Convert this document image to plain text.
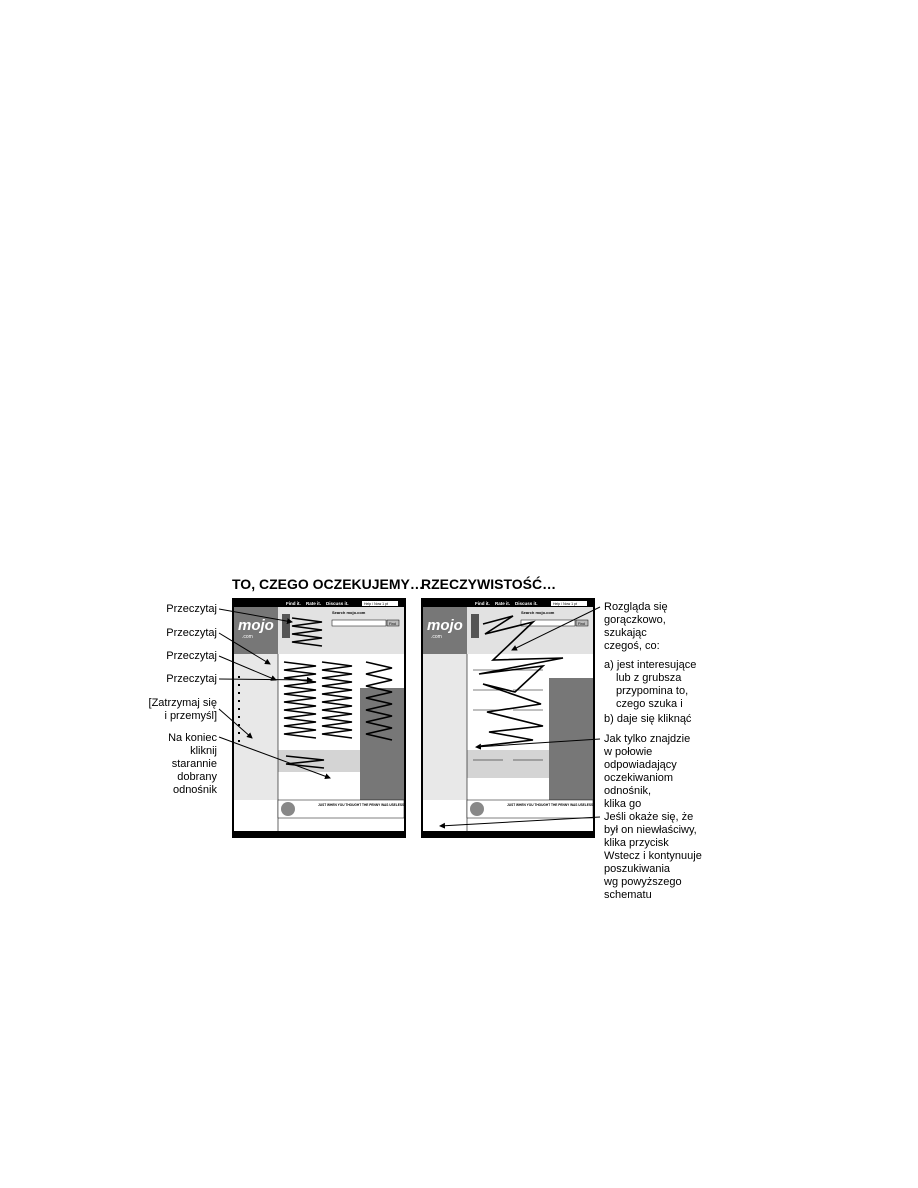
TO, CZEGO OCZEKUJEMY…
RZECZYWISTOŚĆ…
Przeczytaj
Przeczytaj
Przeczytaj
Przeczytaj
[Zatrzymaj się
i przemyśl]
Na koniec
kliknij
starannie
dobrany
odnośnik
mojo
.com
Find it. Rate it. Discuss it.	Help / Now 1 pt
Search mojo.com
Find
JUST WHEN YOU THOUGHT THE PENNY WAS USELESS
mojo
.com
Find it. Rate it. Discuss it.	Help / Now 1 pt
Search mojo.com
Find
JUST WHEN YOU THOUGHT THE PENNY WAS USELESS
Rozgląda się
gorączkowo,
szukając
czegoś, co:
a) jest interesujące
lub z grubsza
przypomina to,
czego szuka i
b) daje się kliknąć
Jak tylko znajdzie
w połowie
odpowiadający
oczekiwaniom
odnośnik,
klika go
Jeśli okaże się, że
był on niewłaściwy,
klika przycisk
Wstecz i kontynuuje
poszukiwania
wg powyższego
schematu
